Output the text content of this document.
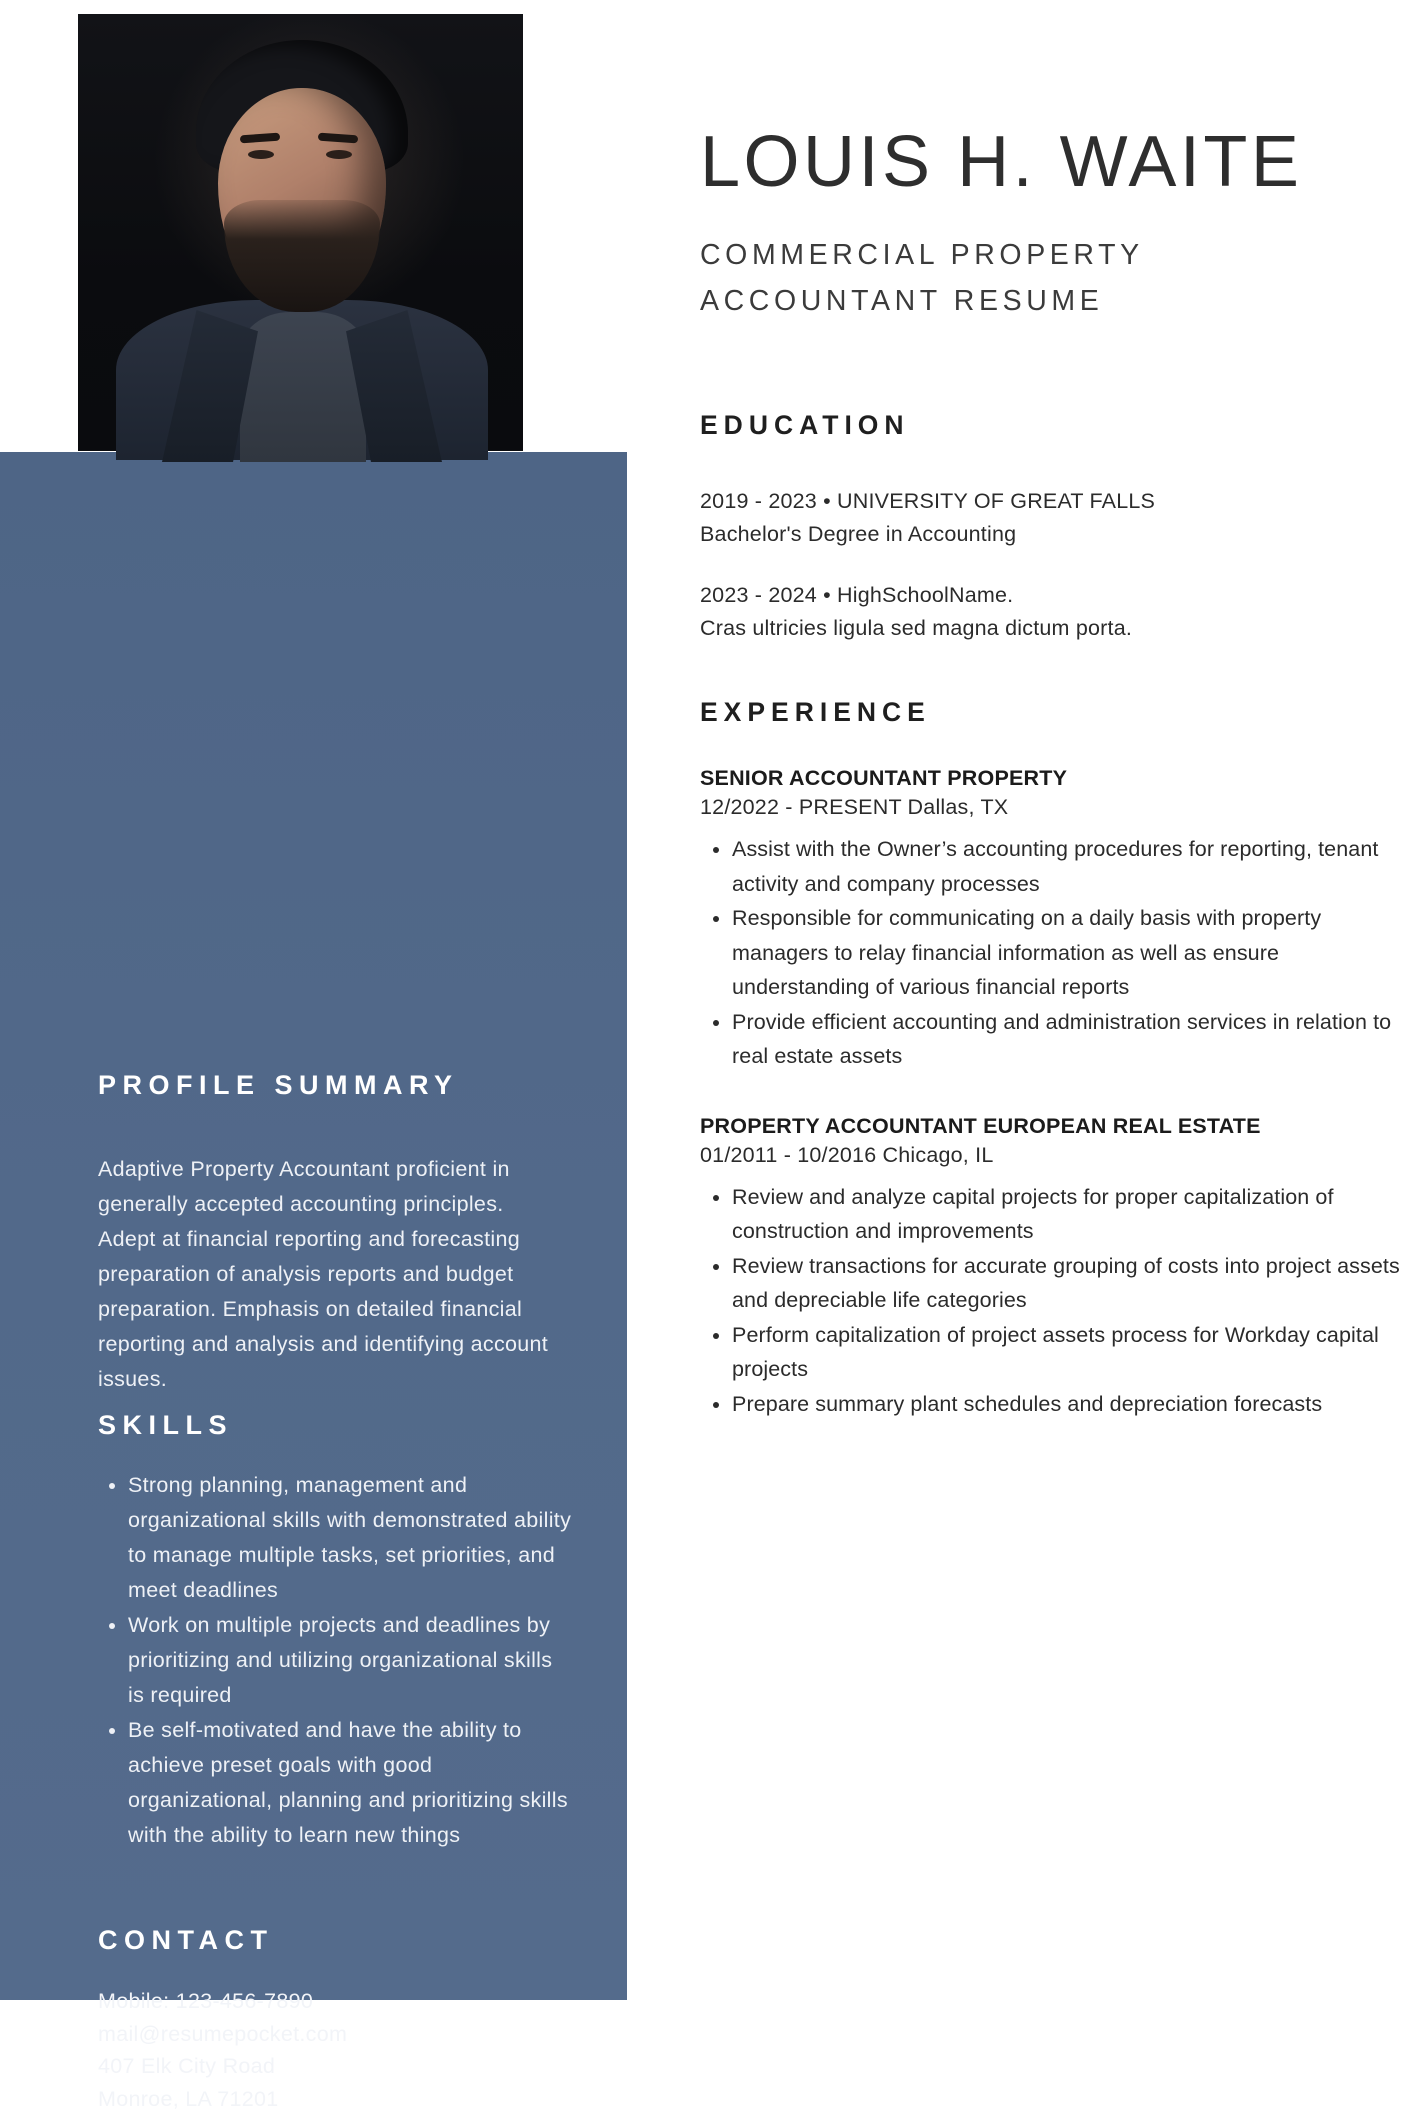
PROFILE SUMMARY
Adaptive Property Accountant proficient in generally accepted accounting principles. Adept at financial reporting and forecasting preparation of analysis reports and budget preparation. Emphasis on detailed financial reporting and analysis and identifying account issues.
SKILLS
• Strong planning, management and organizational skills with demonstrated ability to manage multiple tasks, set priorities, and meet deadlines
• Work on multiple projects and deadlines by prioritizing and utilizing organizational skills is required
• Be self-motivated and have the ability to achieve preset goals with good organizational, planning and prioritizing skills with the ability to learn new things
CONTACT
Mobile: 123-456-7890
mail@resumepocket.com
407 Elk City Road
Monroe, LA 71201
LOUIS H. WAITE
COMMERCIAL PROPERTY ACCOUNTANT RESUME
EDUCATION
2019 - 2023 • UNIVERSITY OF GREAT FALLS
Bachelor's Degree in Accounting
2023 - 2024 • HighSchoolName.
Cras ultricies ligula sed magna dictum porta.
EXPERIENCE
SENIOR ACCOUNTANT PROPERTY
12/2022 - PRESENT Dallas, TX
• Assist with the Owner’s accounting procedures for reporting, tenant activity and company processes
• Responsible for communicating on a daily basis with property managers to relay financial information as well as ensure understanding of various financial reports
• Provide efficient accounting and administration services in relation to real estate assets
PROPERTY ACCOUNTANT EUROPEAN REAL ESTATE
01/2011 - 10/2016 Chicago, IL
• Review and analyze capital projects for proper capitalization of construction and improvements
• Review transactions for accurate grouping of costs into project assets and depreciable life categories
• Perform capitalization of project assets process for Workday capital projects
• Prepare summary plant schedules and depreciation forecasts
